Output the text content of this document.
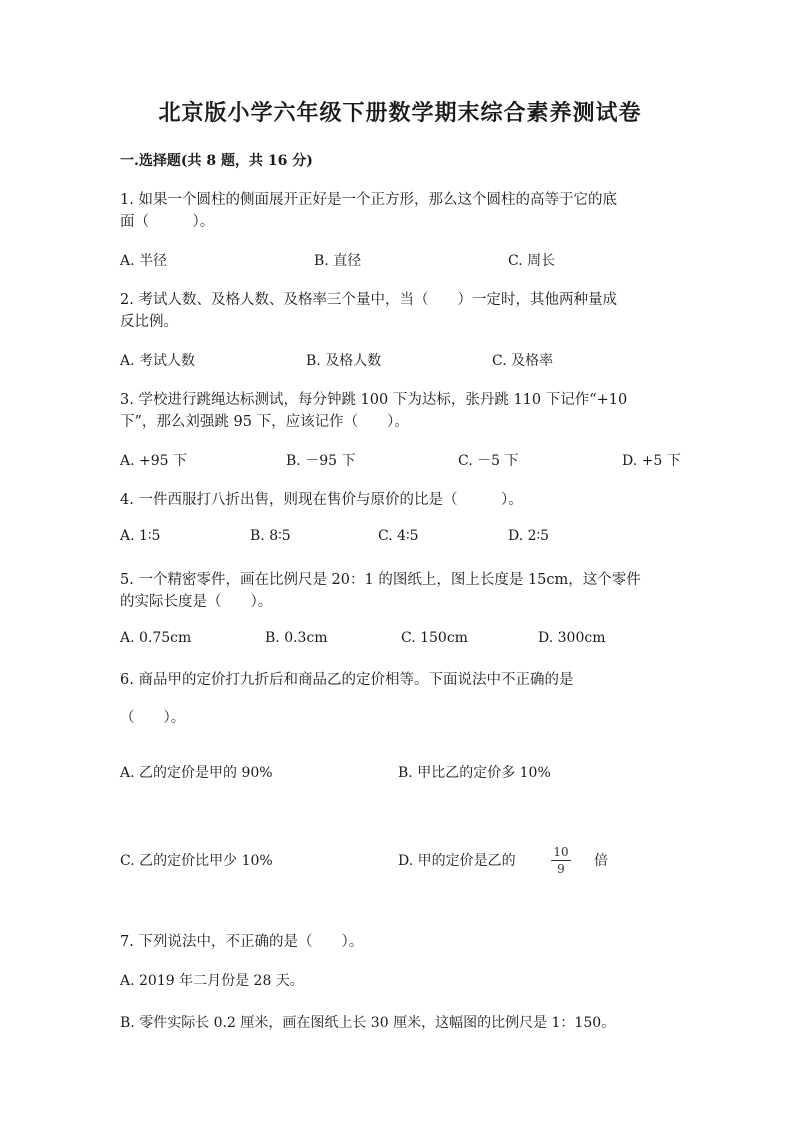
北京版小学六年级下册数学期末综合素养测试卷
一.选择题(共 8 题，共 16 分)
1. 如果一个圆柱的侧面展开正好是一个正方形，那么这个圆柱的高等于它的底
面（　　　）。
A. 半径	B. 直径	C. 周长
2. 考试人数、及格人数、及格率三个量中，当（　　）一定时，其他两种量成
反比例。
A. 考试人数	B. 及格人数	C. 及格率
3. 学校进行跳绳达标测试，每分钟跳 100 下为达标，张丹跳 110 下记作“+10
下”，那么刘强跳 95 下，应该记作（　　）。
A. +95 下	B. －95 下	C. －5 下	D. +5 下
4. 一件西服打八折出售，则现在售价与原价的比是（　　　）。
A. 1∶5	B. 8∶5	C. 4∶5	D. 2∶5
5. 一个精密零件，画在比例尺是 20：1 的图纸上，图上长度是 15cm，这个零件
的实际长度是（　　）。
A. 0.75cm	B. 0.3cm	C. 150cm	D. 300cm
6. 商品甲的定价打九折后和商品乙的定价相等。下面说法中不正确的是
（　　）。
A. 乙的定价是甲的 90%	B. 甲比乙的定价多 10%
C. 乙的定价比甲少 10%	D. 甲的定价是乙的
10
9	倍
7. 下列说法中，不正确的是（　　）。
A. 2019 年二月份是 28 天。
B. 零件实际长 0.2 厘米，画在图纸上长 30 厘米，这幅图的比例尺是 1：150。
